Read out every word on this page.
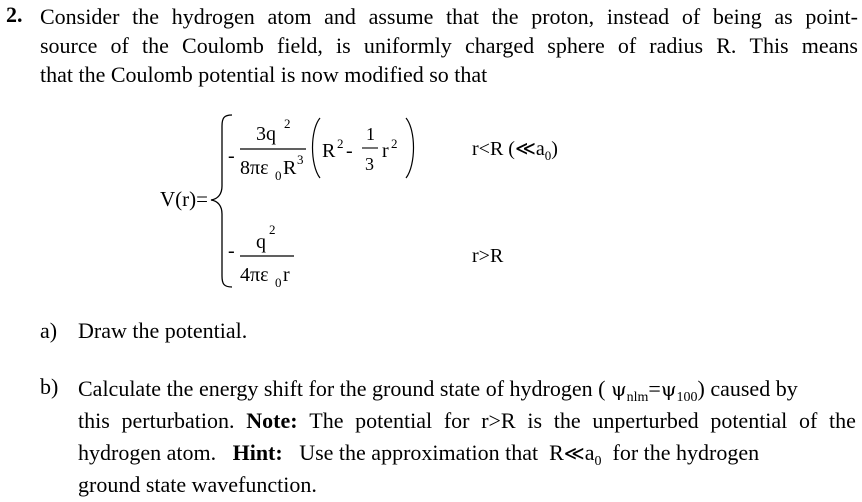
2. Consider the hydrogen atom and assume that the proton, instead of being as point-
source of the Coulomb field, is uniformly charged sphere of radius R. This means
that the Coulomb potential is now modified so that
V(r)=
-
3q 2
8πε 0 R 3 R 2 -
1
3
r 2	r<R $(≪a_0)$
- q
2
4πε 0 r
r>R
a) Draw the potential.
b) Calculate the energy shift for the ground state of hydrogen ( $\psi_{nlm}=\psi_{100}$) caused by
this perturbation. Note: The potential for r>R is the unperturbed potential of the
hydrogen atom. Hint: Use the approximation that $R≪a_0$ for the hydrogen
ground state wavefunction.
